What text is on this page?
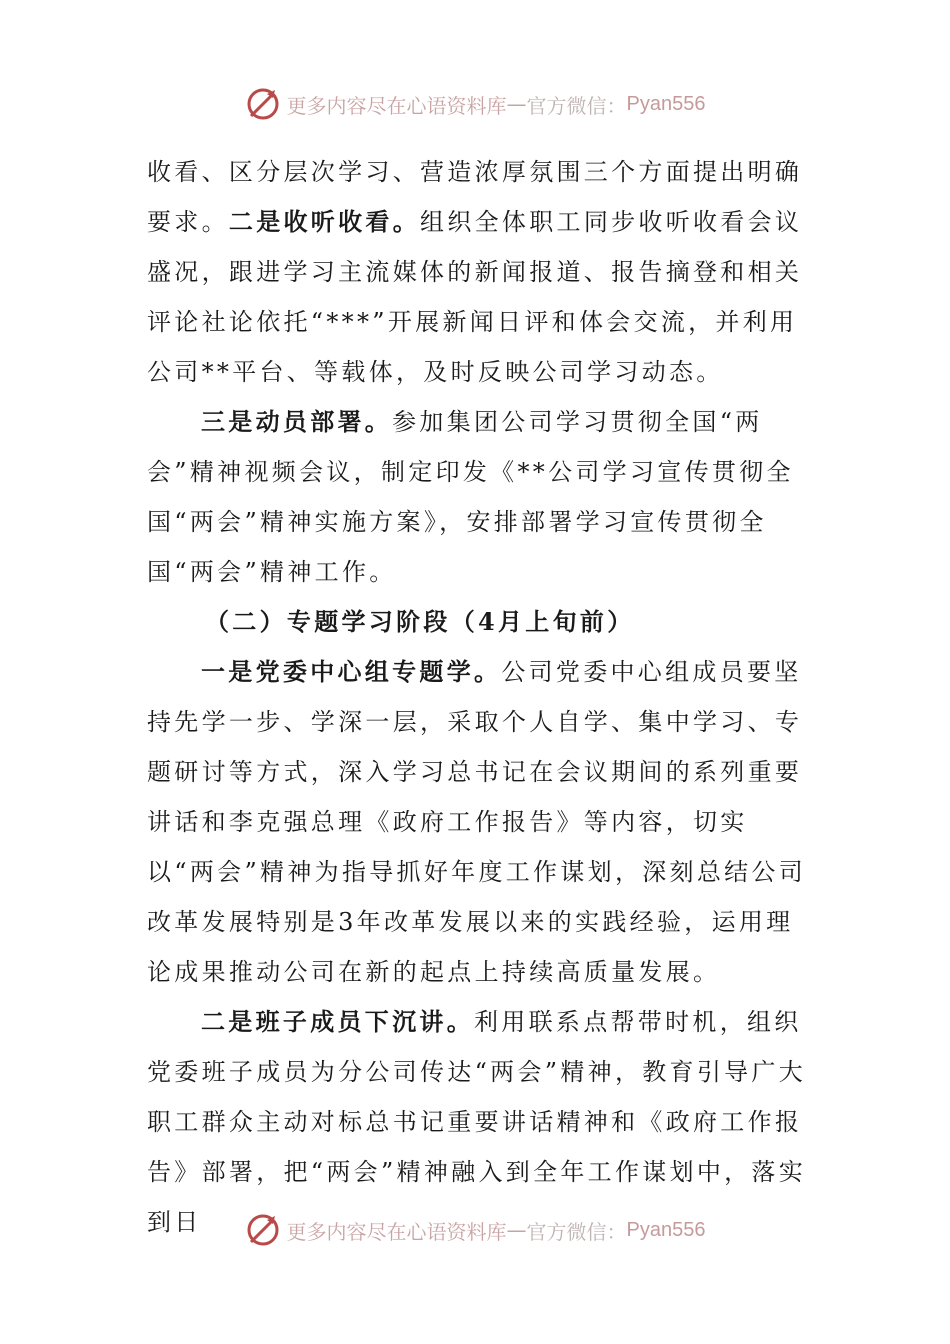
更多内容尽在心语资料库 — 官方微信： Pyan556

收看、区分层次学习、营造浓厚氛围三个方面提出明确要求。二是收听收看。组织全体职工同步收听收看会议盛况，跟进学习主流媒体的新闻报道、报告摘登和相关评论社论依托“***”开展新闻日评和体会交流，并利用公司**平台、等载体，及时反映公司学习动态。

三是动员部署。参加集团公司学习贯彻全国“两会”精神视频会议，制定印发《**公司学习宣传贯彻全国“两会”精神实施方案》，安排部署学习宣传贯彻全国“两会”精神工作。

（二）专题学习阶段（4月上旬前）

一是党委中心组专题学。公司党委中心组成员要坚持先学一步、学深一层，采取个人自学、集中学习、专题研讨等方式，深入学习总书记在会议期间的系列重要讲话和李克强总理《政府工作报告》等内容，切实以“两会”精神为指导抓好年度工作谋划，深刻总结公司改革发展特别是3年改革发展以来的实践经验，运用理论成果推动公司在新的起点上持续高质量发展。

二是班子成员下沉讲。利用联系点帮带时机，组织党委班子成员为分公司传达“两会”精神，教育引导广大职工群众主动对标总书记重要讲话精神和《政府工作报告》部署，把“两会”精神融入到全年工作谋划中，落实到日	更多内容尽在心语资料库 — 官方微信： Pyan556
